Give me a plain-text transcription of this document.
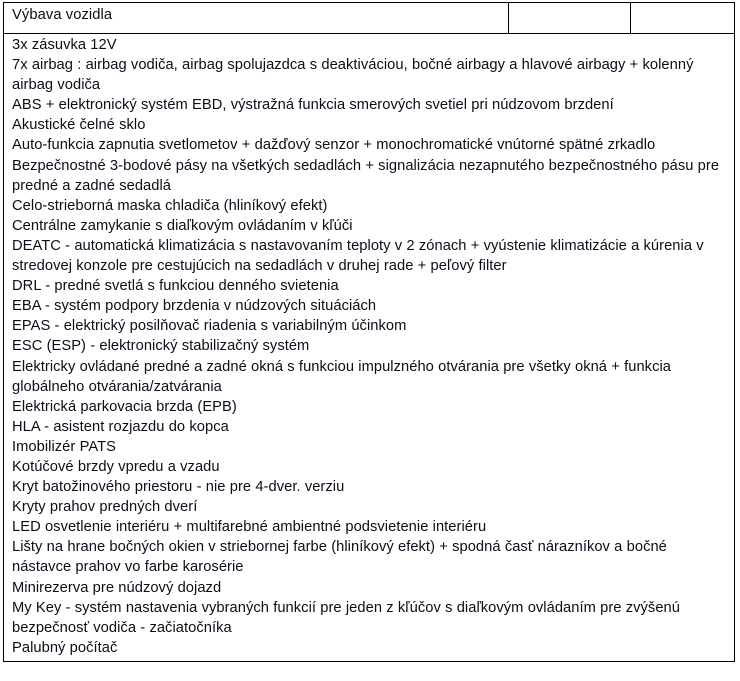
Výbava vozidla		

3x zásuvka 12V
7x airbag : airbag vodiča, airbag spolujazdca s deaktiváciou, bočné airbagy a hlavové airbagy + kolenný airbag vodiča
ABS + elektronický systém EBD, výstražná funkcia smerových svetiel pri núdzovom brzdení
Akustické čelné sklo
Auto-funkcia zapnutia svetlometov + dažďový senzor + monochromatické vnútorné spätné zrkadlo
Bezpečnostné 3-bodové pásy na všetkých sedadlách + signalizácia nezapnutého bezpečnostného pásu pre predné a zadné sedadlá
Celo-strieborná maska chladiča (hliníkový efekt)
Centrálne zamykanie s diaľkovým ovládaním v kľúči
DEATC - automatická klimatizácia s nastavovaním teploty v 2 zónach + vyústenie klimatizácie a kúrenia v stredovej konzole pre cestujúcich na sedadlách v druhej rade + peľový filter
DRL - predné svetlá s funkciou denného svietenia
EBA - systém podpory brzdenia v núdzových situáciách
EPAS - elektrický posilňovač riadenia s variabilným účinkom
ESC (ESP) - elektronický stabilizačný systém
Elektricky ovládané predné a zadné okná s funkciou impulzného otvárania pre všetky okná + funkcia globálneho otvárania/zatvárania
Elektrická parkovacia brzda (EPB)
HLA - asistent rozjazdu do kopca
Imobilizér PATS
Kotúčové brzdy vpredu a vzadu
Kryt batožinového priestoru - nie pre 4-dver. verziu
Kryty prahov predných dverí
LED osvetlenie interiéru + multifarebné ambientné podsvietenie interiéru
Lišty na hrane bočných okien v striebornej farbe (hliníkový efekt) + spodná časť nárazníkov a bočné nástavce prahov vo farbe karosérie
Minirezerva pre núdzový dojazd
My Key - systém nastavenia vybraných funkcií pre jeden z kľúčov s diaľkovým ovládaním pre zvýšenú bezpečnosť vodiča - začiatočníka
Palubný počítač
